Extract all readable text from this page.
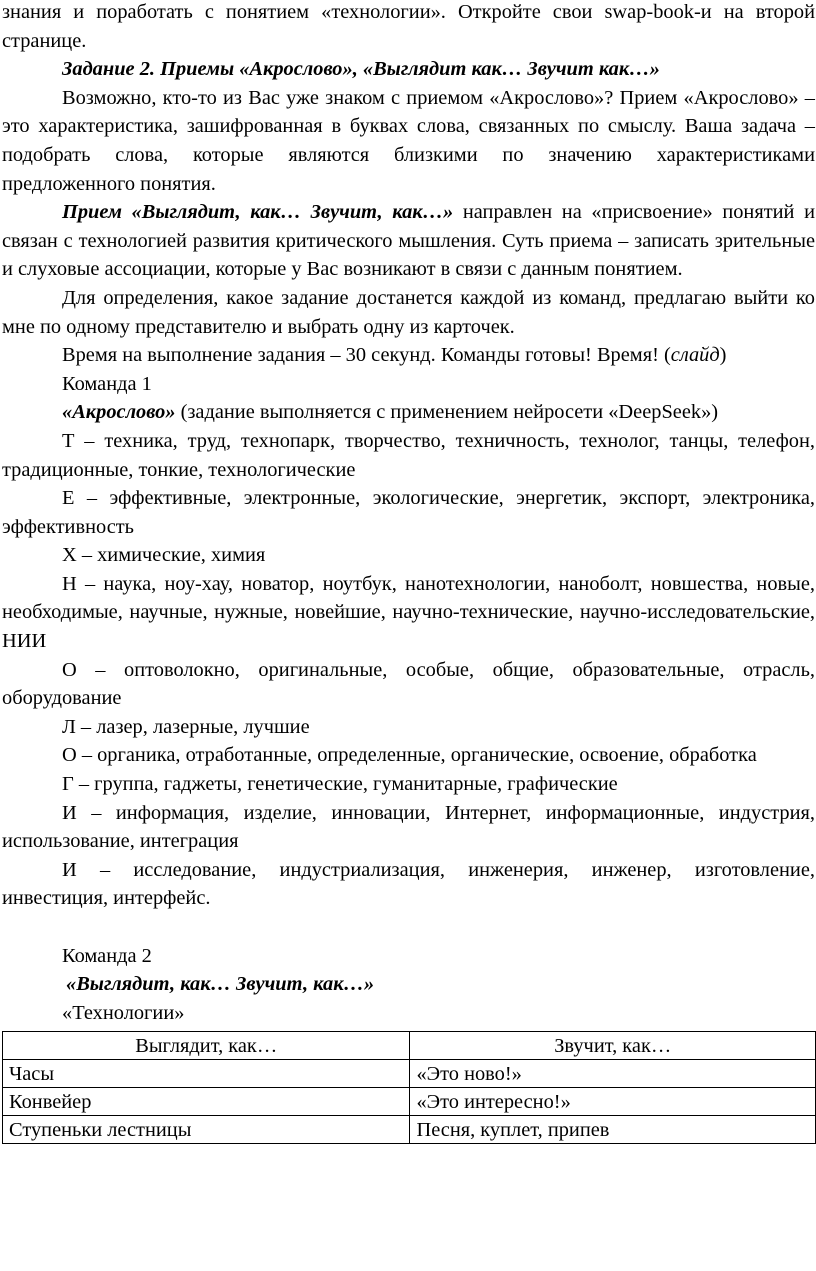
знания и поработать с понятием «технологии». Откройте свои swap-book-и на второй странице.

Задание 2. Приемы «Акрослово», «Выглядит как… Звучит как…»

Возможно, кто-то из Вас уже знаком с приемом «Акрослово»? Прием «Акрослово» – это характеристика, зашифрованная в буквах слова, связанных по смыслу. Ваша задача – подобрать слова, которые являются близкими по значению характеристиками предложенного понятия.

Прием «Выглядит, как… Звучит, как…» направлен на «присвоение» понятий и связан с технологией развития критического мышления. Суть приема – записать зрительные и слуховые ассоциации, которые у Вас возникают в связи с данным понятием.

Для определения, какое задание достанется каждой из команд, предлагаю выйти ко мне по одному представителю и выбрать одну из карточек.

Время на выполнение задания – 30 секунд. Команды готовы! Время! (слайд)

Команда 1

«Акрослово» (задание выполняется с применением нейросети «DeepSeek»)

Т – техника, труд, технопарк, творчество, техничность, технолог, танцы, телефон, традиционные, тонкие, технологические

Е – эффективные, электронные, экологические, энергетик, экспорт, электроника, эффективность

Х – химические, химия

Н – наука, ноу-хау, новатор, ноутбук, нанотехнологии, наноболт, новшества, новые, необходимые, научные, нужные, новейшие, научно-технические, научно-исследовательские, НИИ

О – оптоволокно, оригинальные, особые, общие, образовательные, отрасль, оборудование

Л – лазер, лазерные, лучшие

О – органика, отработанные, определенные, органические, освоение, обработка

Г – группа, гаджеты, генетические, гуманитарные, графические

И – информация, изделие, инновации, Интернет, информационные, индустрия, использование, интеграция

И – исследование, индустриализация, инженерия, инженер, изготовление, инвестиция, интерфейс.

Команда 2

«Выглядит, как… Звучит, как…»

«Технологии»

Выглядит, как…	Звучит, как…
Часы	«Это ново!»
Конвейер	«Это интересно!»
Ступеньки лестницы	Песня, куплет, припев
